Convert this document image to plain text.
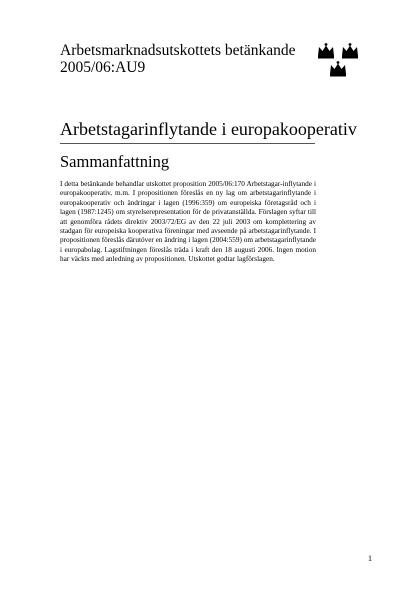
Arbetsmarknadsutskottets betänkande
2005/06:AU9
Arbetstagarinflytande i europakooperativ
Sammanfattning
I detta betänkande behandlar utskottet proposition 2005/06:170 Arbetstagar-inflytande i europakooperativ, m.m. I propositionen föreslås en ny lag om arbetstagarinflytande i europakooperativ och ändringar i lagen (1996:359) om europeiska företagsråd och i lagen (1987:1245) om styrelserepresentation för de privatanställda. Förslagen syftar till att genomföra rådets direktiv 2003/72/EG av den 22 juli 2003 om komplettering av stadgan för europeiska kooperativa föreningar med avseende på arbetstagarinflytande. I propositionen föreslås därutöver en ändring i lagen (2004:559) om arbetstagarinflytande i europabolag. Lagstiftningen föreslås träda i kraft den 18 augusti 2006. Ingen motion har väckts med anledning av propositionen. Utskottet godtar lagförslagen.
1
